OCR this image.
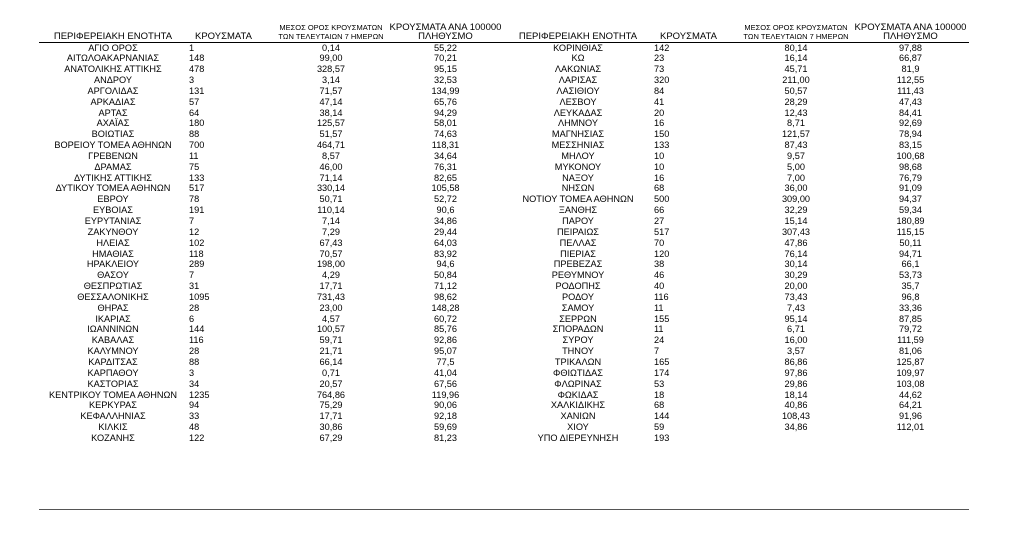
ΠΕΡΙΦΕΡΕΙΑΚΗ ΕΝΟΤΗΤΑ	ΚΡΟΥΣΜΑΤΑ	ΜΕΣΟΣ ΟΡΟΣ ΚΡΟΥΣΜΑΤΩΝ ΤΩΝ ΤΕΛΕΥΤΑΙΩΝ 7 ΗΜΕΡΩΝ	ΚΡΟΥΣΜΑΤΑ ΑΝΑ 100000 ΠΛΗΘΥΣΜΟ
ΑΓΙΟ ΟΡΟΣ	1	0,14	55,22
ΑΙΤΩΛΟΑΚΑΡΝΑΝΙΑΣ	148	99,00	70,21
ΑΝΑΤΟΛΙΚΗΣ ΑΤΤΙΚΗΣ	478	328,57	95,15
ΑΝΔΡΟΥ	3	3,14	32,53
ΑΡΓΟΛΙΔΑΣ	131	71,57	134,99
ΑΡΚΑΔΙΑΣ	57	47,14	65,76
ΑΡΤΑΣ	64	38,14	94,29
ΑΧΑΪΑΣ	180	125,57	58,01
ΒΟΙΩΤΙΑΣ	88	51,57	74,63
ΒΟΡΕΙΟΥ ΤΟΜΕΑ ΑΘΗΝΩΝ	700	464,71	118,31
ΓΡΕΒΕΝΩΝ	11	8,57	34,64
ΔΡΑΜΑΣ	75	46,00	76,31
ΔΥΤΙΚΗΣ ΑΤΤΙΚΗΣ	133	71,14	82,65
ΔΥΤΙΚΟΥ ΤΟΜΕΑ ΑΘΗΝΩΝ	517	330,14	105,58
ΕΒΡΟΥ	78	50,71	52,72
ΕΥΒΟΙΑΣ	191	110,14	90,6
ΕΥΡΥΤΑΝΙΑΣ	7	7,14	34,86
ΖΑΚΥΝΘΟΥ	12	7,29	29,44
ΗΛΕΙΑΣ	102	67,43	64,03
ΗΜΑΘΙΑΣ	118	70,57	83,92
ΗΡΑΚΛΕΙΟΥ	289	198,00	94,6
ΘΑΣΟΥ	7	4,29	50,84
ΘΕΣΠΡΩΤΙΑΣ	31	17,71	71,12
ΘΕΣΣΑΛΟΝΙΚΗΣ	1095	731,43	98,62
ΘΗΡΑΣ	28	23,00	148,28
ΙΚΑΡΙΑΣ	6	4,57	60,72
ΙΩΑΝΝΙΝΩΝ	144	100,57	85,76
ΚΑΒΑΛΑΣ	116	59,71	92,86
ΚΑΛΥΜΝΟΥ	28	21,71	95,07
ΚΑΡΔΙΤΣΑΣ	88	66,14	77,5
ΚΑΡΠΑΘΟΥ	3	0,71	41,04
ΚΑΣΤΟΡΙΑΣ	34	20,57	67,56
ΚΕΝΤΡΙΚΟΥ ΤΟΜΕΑ ΑΘΗΝΩΝ	1235	764,86	119,96
ΚΕΡΚΥΡΑΣ	94	75,29	90,06
ΚΕΦΑΛΛΗΝΙΑΣ	33	17,71	92,18
ΚΙΛΚΙΣ	48	30,86	59,69
ΚΟΖΑΝΗΣ	122	67,29	81,23
ΠΕΡΙΦΕΡΕΙΑΚΗ ΕΝΟΤΗΤΑ	ΚΡΟΥΣΜΑΤΑ	ΜΕΣΟΣ ΟΡΟΣ ΚΡΟΥΣΜΑΤΩΝ ΤΩΝ ΤΕΛΕΥΤΑΙΩΝ 7 ΗΜΕΡΩΝ	ΚΡΟΥΣΜΑΤΑ ΑΝΑ 100000 ΠΛΗΘΥΣΜΟ
ΚΟΡΙΝΘΙΑΣ	142	80,14	97,88
ΚΩ	23	16,14	66,87
ΛΑΚΩΝΙΑΣ	73	45,71	81,9
ΛΑΡΙΣΑΣ	320	211,00	112,55
ΛΑΣΙΘΙΟΥ	84	50,57	111,43
ΛΕΣΒΟΥ	41	28,29	47,43
ΛΕΥΚΑΔΑΣ	20	12,43	84,41
ΛΗΜΝΟΥ	16	8,71	92,69
ΜΑΓΝΗΣΙΑΣ	150	121,57	78,94
ΜΕΣΣΗΝΙΑΣ	133	87,43	83,15
ΜΗΛΟΥ	10	9,57	100,68
ΜΥΚΟΝΟΥ	10	5,00	98,68
ΝΑΞΟΥ	16	7,00	76,79
ΝΗΣΩΝ	68	36,00	91,09
ΝΟΤΙΟΥ ΤΟΜΕΑ ΑΘΗΝΩΝ	500	309,00	94,37
ΞΑΝΘΗΣ	66	32,29	59,34
ΠΑΡΟΥ	27	15,14	180,89
ΠΕΙΡΑΙΩΣ	517	307,43	115,15
ΠΕΛΛΑΣ	70	47,86	50,11
ΠΙΕΡΙΑΣ	120	76,14	94,71
ΠΡΕΒΕΖΑΣ	38	30,14	66,1
ΡΕΘΥΜΝΟΥ	46	30,29	53,73
ΡΟΔΟΠΗΣ	40	20,00	35,7
ΡΟΔΟΥ	116	73,43	96,8
ΣΑΜΟΥ	11	7,43	33,36
ΣΕΡΡΩΝ	155	95,14	87,85
ΣΠΟΡΑΔΩΝ	11	6,71	79,72
ΣΥΡΟΥ	24	16,00	111,59
ΤΗΝΟΥ	7	3,57	81,06
ΤΡΙΚΑΛΩΝ	165	86,86	125,87
ΦΘΙΩΤΙΔΑΣ	174	97,86	109,97
ΦΛΩΡΙΝΑΣ	53	29,86	103,08
ΦΩΚΙΔΑΣ	18	18,14	44,62
ΧΑΛΚΙΔΙΚΗΣ	68	40,86	64,21
ΧΑΝΙΩΝ	144	108,43	91,96
ΧΙΟΥ	59	34,86	112,01
ΥΠΟ ΔΙΕΡΕΥΝΗΣΗ	193		
